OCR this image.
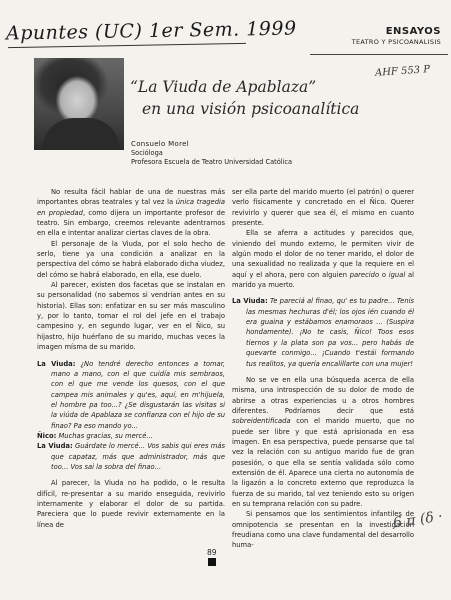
Apuntes (UC) 1er Sem. 1999	ENSAYOS
TEATRO Y PSICOANALISIS
“La Viuda de Apablaza”
en una visión psicoanalítica
AHF 553 P
Consuelo Morel
Socióloga
Profesora Escuela de Teatro Universidad Católica

No resulta fácil hablar de una de nuestras más importantes obras teatrales y tal vez la única tragedia en propiedad, como dijera un importante profesor de teatro. Sin embargo, creemos relevante adentrarnos en ella e intentar analizar ciertas claves de la obra.

El personaje de la Viuda, por el solo hecho de serlo, tiene ya una condición a analizar en la perspectiva del cómo se habrá elaborado dicha viudez, del cómo se habrá elaborado, en ella, ese duelo.

Al parecer, existen dos facetas que se instalan en su personalidad (no sabemos si vendrían antes en su historia). Ellas son: enfatizar en su ser más masculino y, por lo tanto, tomar el rol del jefe en el trabajo campesino y, en segundo lugar, ver en el Ñico, su hijastro, hijo huérfano de su marido, muchas veces la imagen mísma de su marido.

La Viuda: ¿No tendré derecho entonces a tomar, mano a mano, con el que cuidía mis sembraos, con el que me vende los quesos, con el que campea mis animales y qu'es, aquí, en m'hijuela, el hombre pa too...? ¿Se disgustarán las visitas si la viúda de Apablaza se confianza con el hijo de su finao? Pa eso mando yo...

Ñico: Muchas gracias, su mercé...

La Viuda: Guárdate lo mercé... Vos sabis qui eres más que capataz, más que administrador, más que too... Vos sai la sobra del finao...

Al parecer, la Viuda no ha podido, o le resulta difícil, re-presentar a su marido enseguida, revivirlo internamente y elaborar el dolor de su partida. Pareciera que lo puede revivir externamente en la línea de

ser ella parte del marido muerto (el patrón) o querer verlo físicamente y concretado en el Ñico. Querer revivirlo y querer que sea él, el mismo en cuanto presente.

Ella se aferra a actitudes y parecidos que, viniendo del mundo externo, le permiten vivir de algún modo el dolor de no tener marido, el dolor de una sexualidad no realizada y que la requiere en el aquí y el ahora, pero con alguien parecido o igual al marido ya muerto.

La Viuda: Te pareciá al finao, qu' es tu padre... Tenís las mesmas hechuras d'él; los ojos ién cuando él era guaina y estábamos enamoraos ... (Suspira hondamente). ¡No te casis, Ñico! Toos esos tiernos y la plata son pa vos... pero habás de quevarte conmigo... ¡Cuando t'estái formando tus realitos, ya quería encalillarte con una mujer!

No se ve en ella una búsqueda acerca de ella misma, una introspección de su dolor de modo de abrirse a otras experiencias u a otros hombres diferentes. Podríamos decir que está sobreidentificada con el marido muerto, que no puede ser libre y que está aprisionada en esa imagen. En esa perspectiva, puede pensarse que tal vez la relación con su antiguo marido fue de gran posesión, o que ella se sentía validada sólo como extensión de él. Aparece una cierta no autonomía de la ligazón a lo concreto externo que reproduzca la fuerza de su marido, tal vez teniendo esto su origen en su temprana relación con su padre.

Si pensamos que los sentimientos infantiles de omnipotencia se presentan en la investigación freudiana como una clave fundamental del desarrollo huma-

89
6 π (δ ·
